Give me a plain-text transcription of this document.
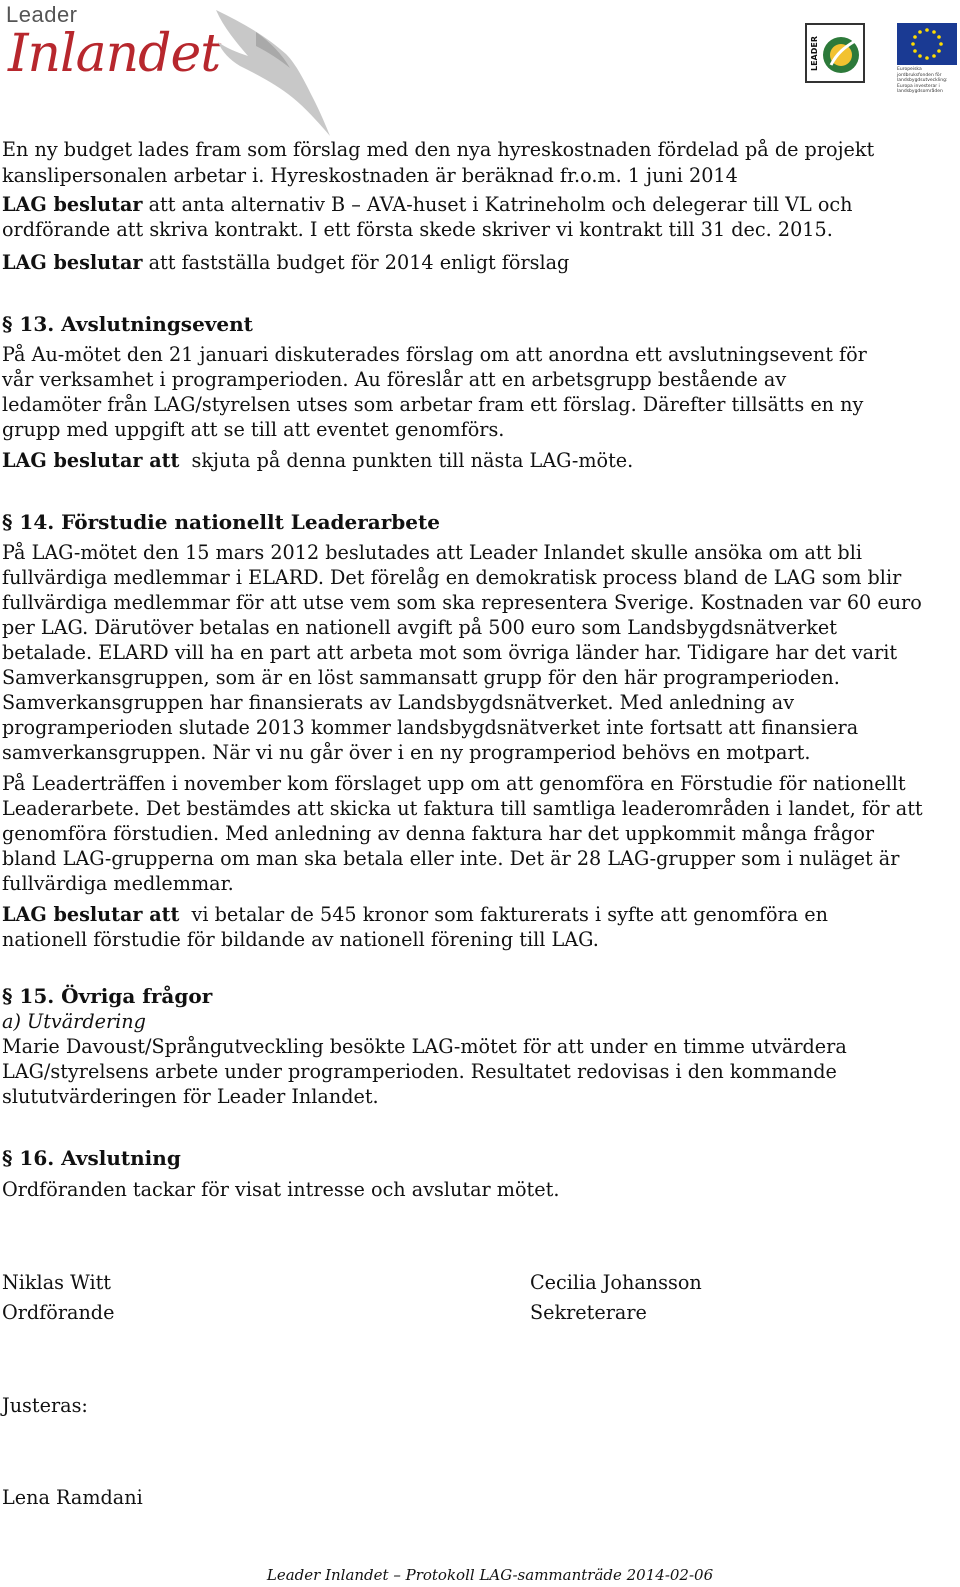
Leader
Inlandet	LEADER	Europeiska jordbruksfonden för landsbygdsutveckling: Europa investerar i landsbygdsområden

En ny budget lades fram som förslag med den nya hyreskostnaden fördelad på de projekt

kanslipersonalen arbetar i. Hyreskostnaden är beräknad fr.o.m. 1 juni 2014

LAG beslutar att anta alternativ B – AVA-huset i Katrineholm och delegerar till VL och

ordförande att skriva kontrakt. I ett första skede skriver vi kontrakt till 31 dec. 2015.

LAG beslutar att fastställa budget för 2014 enligt förslag

§ 13. Avslutningsevent

På Au-mötet den 21 januari diskuterades förslag om att anordna ett avslutningsevent för

vår verksamhet i programperioden. Au föreslår att en arbetsgrupp bestående av

ledamöter från LAG/styrelsen utses som arbetar fram ett förslag. Därefter tillsätts en ny

grupp med uppgift att se till att eventet genomförs.

LAG beslutar att  skjuta på denna punkten till nästa LAG-möte.

§ 14. Förstudie nationellt Leaderarbete

På LAG-mötet den 15 mars 2012 beslutades att Leader Inlandet skulle ansöka om att bli

fullvärdiga medlemmar i ELARD. Det förelåg en demokratisk process bland de LAG som blir

fullvärdiga medlemmar för att utse vem som ska representera Sverige. Kostnaden var 60 euro

per LAG. Därutöver betalas en nationell avgift på 500 euro som Landsbygdsnätverket

betalade. ELARD vill ha en part att arbeta mot som övriga länder har. Tidigare har det varit

Samverkansgruppen, som är en löst sammansatt grupp för den här programperioden.

Samverkansgruppen har finansierats av Landsbygdsnätverket. Med anledning av

programperioden slutade 2013 kommer landsbygdsnätverket inte fortsatt att finansiera

samverkansgruppen. När vi nu går över i en ny programperiod behövs en motpart.

På Leaderträffen i november kom förslaget upp om att genomföra en Förstudie för nationellt

Leaderarbete. Det bestämdes att skicka ut faktura till samtliga leaderområden i landet, för att

genomföra förstudien. Med anledning av denna faktura har det uppkommit många frågor

bland LAG-grupperna om man ska betala eller inte. Det är 28 LAG-grupper som i nuläget är

fullvärdiga medlemmar.

LAG beslutar att  vi betalar de 545 kronor som fakturerats i syfte att genomföra en

nationell förstudie för bildande av nationell förening till LAG.

§ 15. Övriga frågor

a) Utvärdering

Marie Davoust/Språngutveckling besökte LAG-mötet för att under en timme utvärdera

LAG/styrelsens arbete under programperioden. Resultatet redovisas i den kommande

slututvärderingen för Leader Inlandet.

§ 16. Avslutning

Ordföranden tackar för visat intresse och avslutar mötet.

Niklas Witt
Ordförande
Cecilia Johansson
Sekreterare
Justeras:
Lena Ramdani
Leader Inlandet – Protokoll LAG-sammanträde 2014-02-06
